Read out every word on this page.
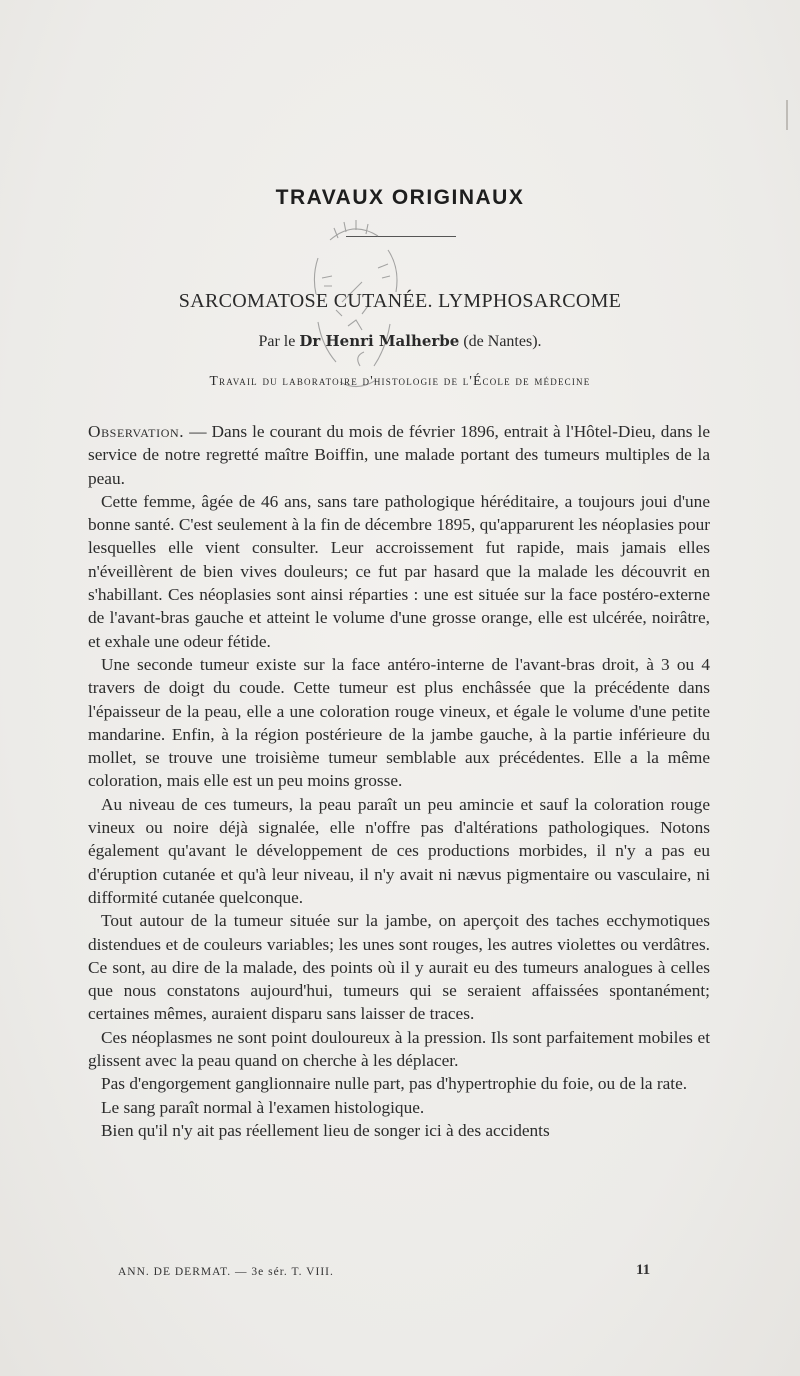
TRAVAUX ORIGINAUX
SARCOMATOSE CUTANÉE. LYMPHOSARCOME
Par le Dr Henri Malherbe (de Nantes).
Travail du laboratoire d'histologie de l'École de médecine

Observation. — Dans le courant du mois de février 1896, entrait à l'Hôtel-Dieu, dans le service de notre regretté maître Boiffin, une malade portant des tumeurs multiples de la peau.

Cette femme, âgée de 46 ans, sans tare pathologique héréditaire, a toujours joui d'une bonne santé. C'est seulement à la fin de décembre 1895, qu'apparurent les néoplasies pour lesquelles elle vient consulter. Leur accroissement fut rapide, mais jamais elles n'éveillèrent de bien vives douleurs; ce fut par hasard que la malade les découvrit en s'habillant. Ces néoplasies sont ainsi réparties : une est située sur la face postéro-externe de l'avant-bras gauche et atteint le volume d'une grosse orange, elle est ulcérée, noirâtre, et exhale une odeur fétide.

Une seconde tumeur existe sur la face antéro-interne de l'avant-bras droit, à 3 ou 4 travers de doigt du coude. Cette tumeur est plus enchâssée que la précédente dans l'épaisseur de la peau, elle a une coloration rouge vineux, et égale le volume d'une petite mandarine. Enfin, à la région postérieure de la jambe gauche, à la partie inférieure du mollet, se trouve une troisième tumeur semblable aux précédentes. Elle a la même coloration, mais elle est un peu moins grosse.

Au niveau de ces tumeurs, la peau paraît un peu amincie et sauf la coloration rouge vineux ou noire déjà signalée, elle n'offre pas d'altérations pathologiques. Notons également qu'avant le développement de ces productions morbides, il n'y a pas eu d'éruption cutanée et qu'à leur niveau, il n'y avait ni nævus pigmentaire ou vasculaire, ni difformité cutanée quelconque.

Tout autour de la tumeur située sur la jambe, on aperçoit des taches ecchymotiques distendues et de couleurs variables; les unes sont rouges, les autres violettes ou verdâtres. Ce sont, au dire de la malade, des points où il y aurait eu des tumeurs analogues à celles que nous constatons aujourd'hui, tumeurs qui se seraient affaissées spontanément; certaines mêmes, auraient disparu sans laisser de traces.

Ces néoplasmes ne sont point douloureux à la pression. Ils sont parfaitement mobiles et glissent avec la peau quand on cherche à les déplacer.

Pas d'engorgement ganglionnaire nulle part, pas d'hypertrophie du foie, ou de la rate.

Le sang paraît normal à l'examen histologique.

Bien qu'il n'y ait pas réellement lieu de songer ici à des accidents

ANN. DE DERMAT. — 3e sér. T. VIII.	11
